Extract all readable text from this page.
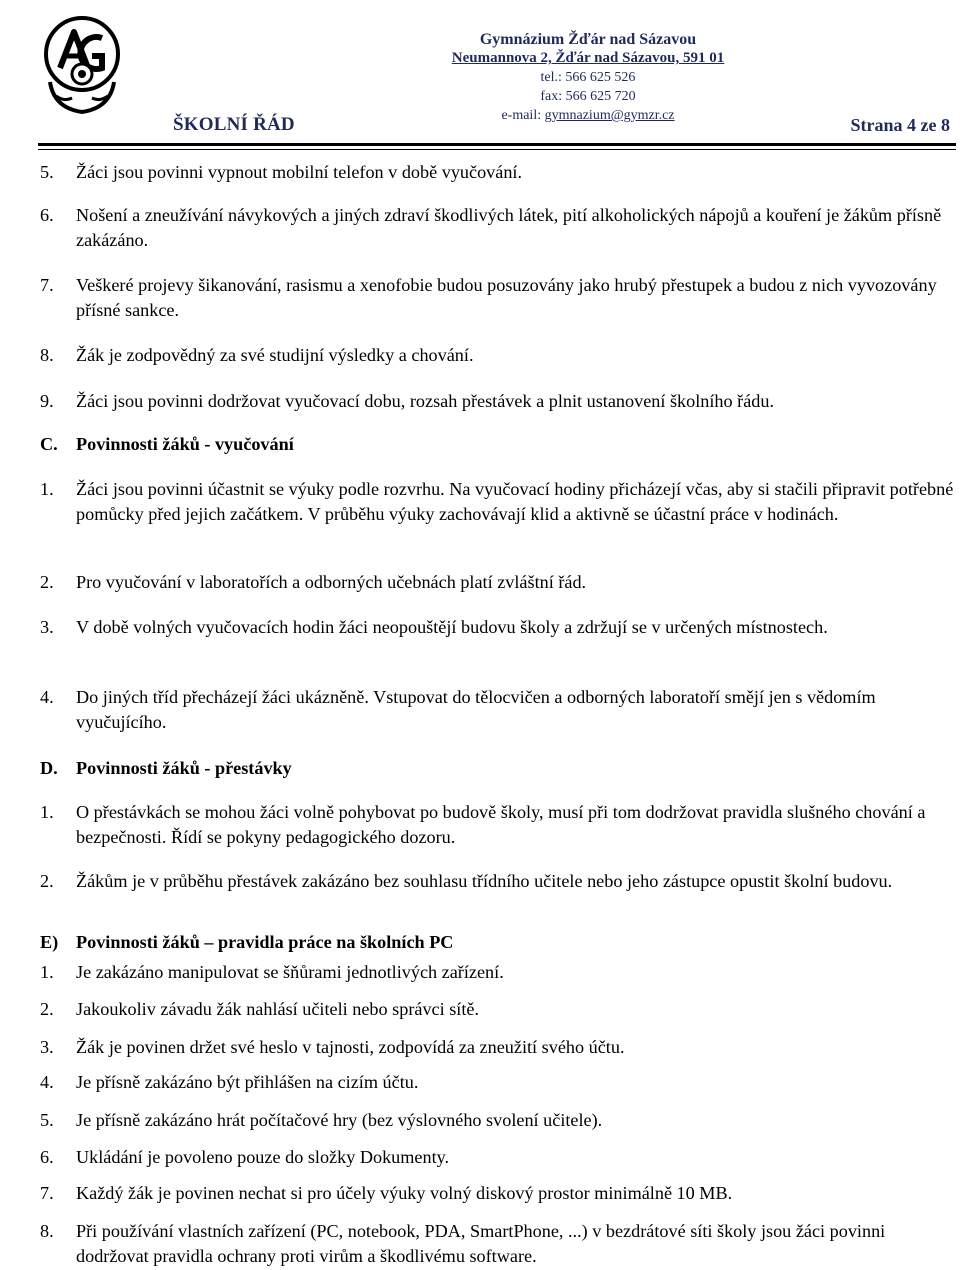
Gymnázium Žďár nad Sázavou
Neumannova 2, Žďár nad Sázavou, 591 01
tel.: 566 625 526
fax: 566 625 720
e-mail: gymnazium@gymzr.cz
ŠKOLNÍ ŘÁD	Strana 4 ze 8
5. Žáci jsou povinni vypnout mobilní telefon v době vyučování.
6. Nošení a zneužívání návykových a jiných zdraví škodlivých látek, pití alkoholických nápojů a kouření je žákům přísně zakázáno.
7. Veškeré projevy šikanování, rasismu a xenofobie budou posuzovány jako hrubý přestupek a budou z nich vyvozovány přísné sankce.
8. Žák je zodpovědný za své studijní výsledky a chování.
9. Žáci jsou povinni dodržovat vyučovací dobu, rozsah přestávek a plnit ustanovení školního řádu.
C. Povinnosti žáků - vyučování
1. Žáci jsou povinni účastnit se výuky podle rozvrhu. Na vyučovací hodiny přicházejí včas, aby si stačili připravit potřebné pomůcky před jejich začátkem. V průběhu výuky zachovávají klid a aktivně se účastní práce v hodinách.
2. Pro vyučování v laboratořích a odborných učebnách platí zvláštní řád.
3. V době volných vyučovacích hodin žáci neopouštějí budovu školy a zdržují se v určených místnostech.
4. Do jiných tříd přecházejí žáci ukázněně. Vstupovat do tělocvičen a odborných laboratoří smějí jen s vědomím vyučujícího.
D. Povinnosti žáků - přestávky
1. O přestávkách se mohou žáci volně pohybovat po budově školy, musí při tom dodržovat pravidla slušného chování a bezpečnosti. Řídí se pokyny pedagogického dozoru.
2. Žákům je v průběhu přestávek zakázáno bez souhlasu třídního učitele nebo jeho zástupce opustit školní budovu.
E) Povinnosti žáků – pravidla práce na školních PC
1. Je zakázáno manipulovat se šňůrami jednotlivých zařízení.
2. Jakoukoliv závadu žák nahlásí učiteli nebo správci sítě.
3. Žák je povinen držet své heslo v tajnosti, zodpovídá za zneužití svého účtu.
4. Je přísně zakázáno být přihlášen na cizím účtu.
5. Je přísně zakázáno hrát počítačové hry (bez výslovného svolení učitele).
6. Ukládání je povoleno pouze do složky Dokumenty.
7. Každý žák je povinen nechat si pro účely výuky volný diskový prostor minimálně 10 MB.
8. Při používání vlastních zařízení (PC, notebook, PDA, SmartPhone, ...) v bezdrátové síti školy jsou žáci povinni dodržovat pravidla ochrany proti virům a škodlivému software.
